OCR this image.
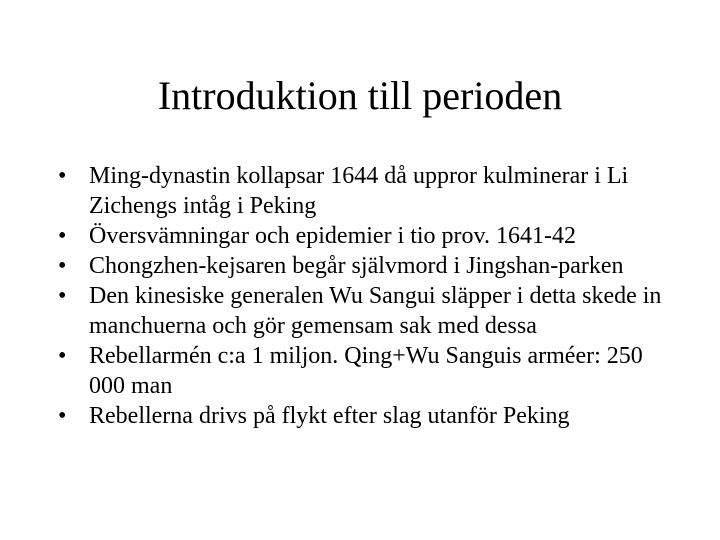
Introduktion till perioden
• Ming-dynastin kollapsar 1644 då uppror kulminerar i Li Zichengs intåg i Peking
• Översvämningar och epidemier i tio prov. 1641-42
• Chongzhen-kejsaren begår självmord i Jingshan-parken
• Den kinesiske generalen Wu Sangui släpper i detta skede in manchuerna och gör gemensam sak med dessa
• Rebellarmén c:a 1 miljon. Qing+Wu Sanguis arméer: 250 000 man
• Rebellerna drivs på flykt efter slag utanför Peking
